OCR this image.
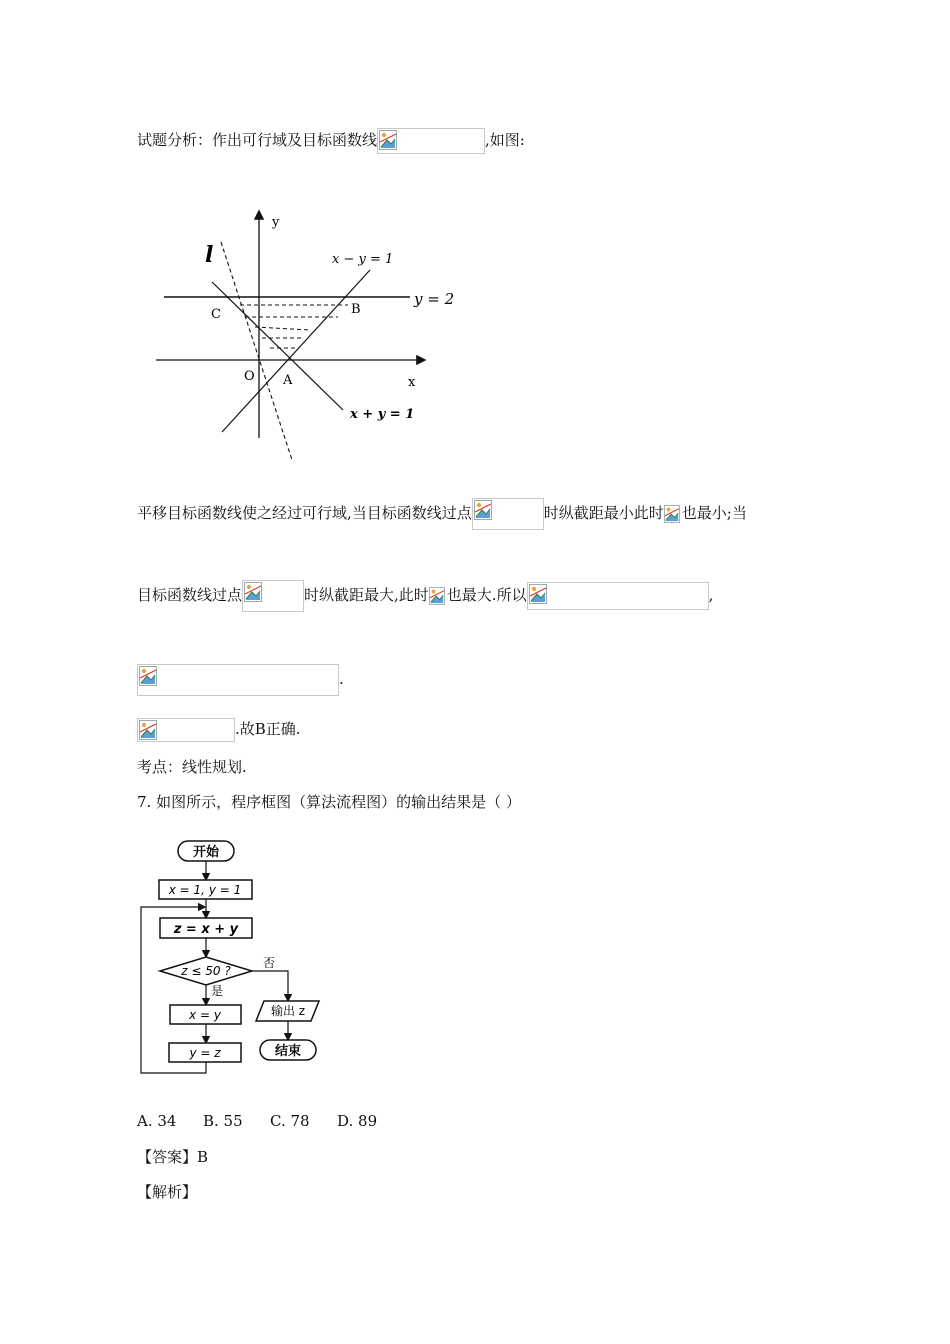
试题分析：作出可行域及目标函数线	,如图:
y
x
l	x − y = 1
y = 2
x + y = 1
C	B
O A
平移目标函数线使之经过可行域,当目标函数线过点	时纵截距最小此时 也最小;当
目标函数线过点	时纵截距最大,此时 也最大.所以	,
.
.故B正确.
考点：线性规划.
7. 如图所示，程序框图（算法流程图）的输出结果是（ ）
开始
x = 1, y = 1
z = x + y
z ≤ 50 ?
否
是
x = y
y = z
输出 z
结束
A. 34 B. 55 C. 78 D. 89
【答案】B
【解析】
